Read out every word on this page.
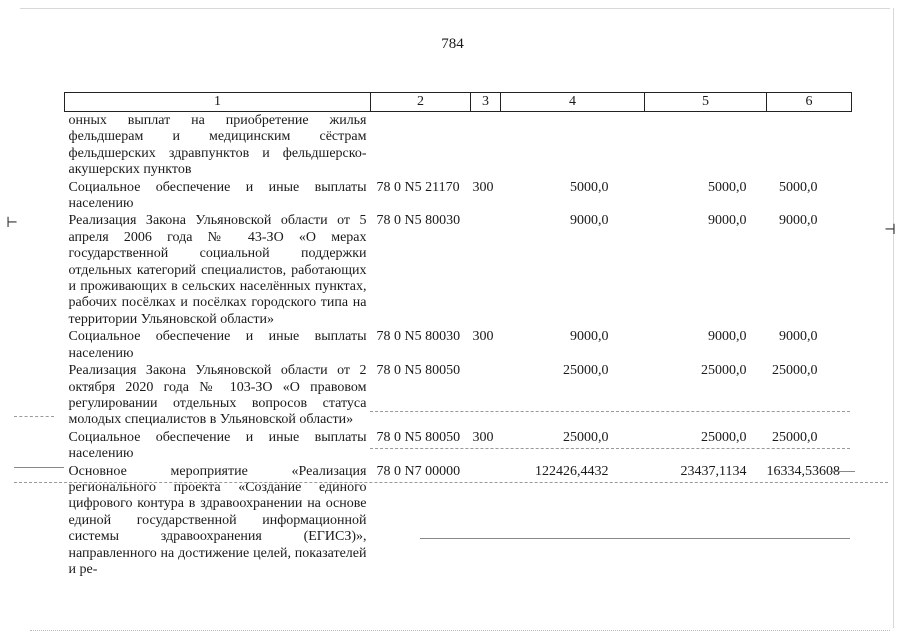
⊢	⊣
784
1	2	3	4	5	6
онных выплат на приобретение жилья фельдшерам и медицинским сёстрам фельдшерских здравпунктов и фельдшерско-акушерских пунктов					
Социальное обеспечение и иные выплаты населению	78 0 N5 21170	300	5000,0	5000,0	5000,0
Реализация Закона Ульяновской области от 5 апреля 2006 года № 43-ЗО «О мерах государственной социальной поддержки отдельных категорий специалистов, работающих и проживающих в сельских населённых пунктах, рабочих посёлках и посёлках городского типа на территории Ульяновской области»	78 0 N5 80030		9000,0	9000,0	9000,0
Социальное обеспечение и иные выплаты населению	78 0 N5 80030	300	9000,0	9000,0	9000,0
Реализация Закона Ульяновской области от 2 октября 2020 года № 103-ЗО «О правовом регулировании отдельных вопросов статуса молодых специалистов в Ульяновской области»	78 0 N5 80050		25000,0	25000,0	25000,0
Социальное обеспечение и иные выплаты населению	78 0 N5 80050	300	25000,0	25000,0	25000,0
Основное мероприятие «Реализация регионального проекта «Создание единого цифрового контура в здравоохранении на основе единой государственной информационной системы здравоохранения (ЕГИСЗ)», направленного на достижение целей, показателей и ре-	78 0 N7 00000		122426,4432	23437,1134	16334,53608
